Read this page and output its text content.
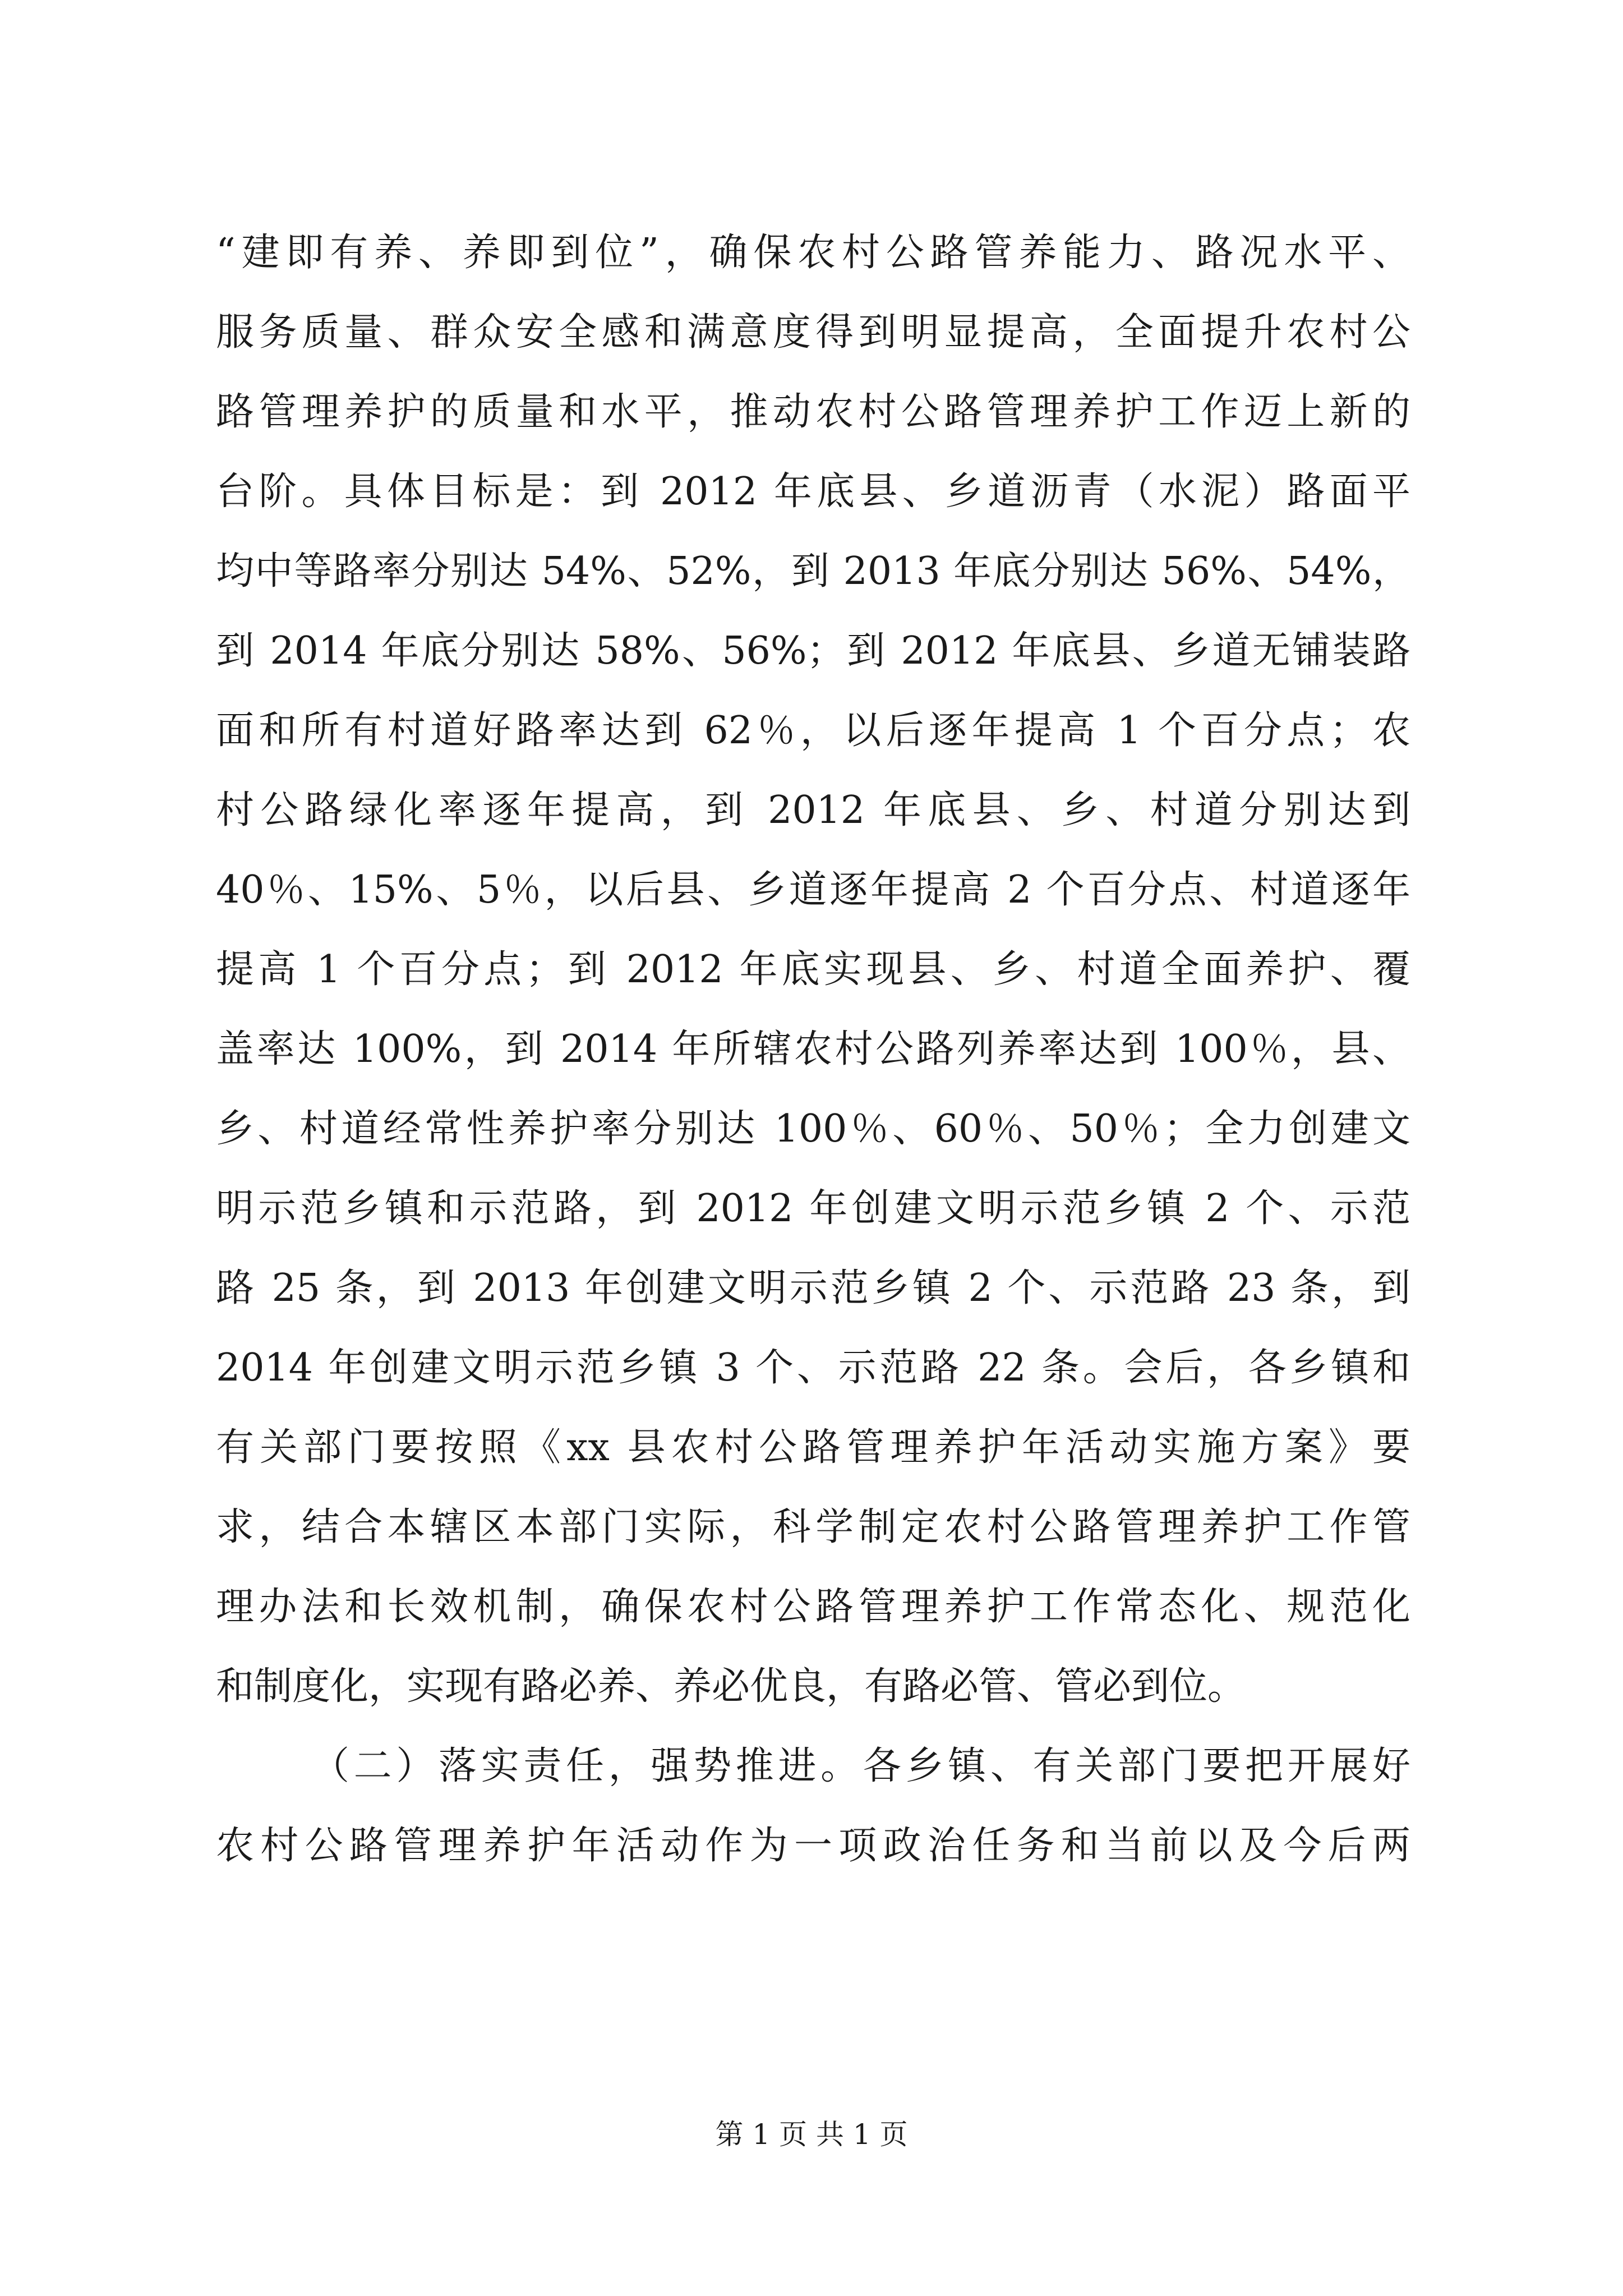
“建即有养、养即到位”，确保农村公路管养能力、路况水平、
服务质量、群众安全感和满意度得到明显提高，全面提升农村公
路管理养护的质量和水平，推动农村公路管理养护工作迈上新的
台阶。具体目标是：到 2012 年底县、乡道沥青（水泥）路面平
均中等路率分别达 54%、52%，到 2013 年底分别达 56%、54%，
到 2014 年底分别达 58%、56%；到 2012 年底县、乡道无铺装路
面和所有村道好路率达到 62％，以后逐年提高 1 个百分点；农
村公路绿化率逐年提高，到 2012 年底县、乡、村道分别达到
40％、15%、5％，以后县、乡道逐年提高 2 个百分点、村道逐年
提高 1 个百分点；到 2012 年底实现县、乡、村道全面养护、覆
盖率达 100%，到 2014 年所辖农村公路列养率达到 100％，县、
乡、村道经常性养护率分别达 100％、60％、50％；全力创建文
明示范乡镇和示范路，到 2012 年创建文明示范乡镇 2 个、示范
路 25 条，到 2013 年创建文明示范乡镇 2 个、示范路 23 条，到
2014 年创建文明示范乡镇 3 个、示范路 22 条。会后，各乡镇和
有关部门要按照《xx 县农村公路管理养护年活动实施方案》要
求，结合本辖区本部门实际，科学制定农村公路管理养护工作管
理办法和长效机制，确保农村公路管理养护工作常态化、规范化
和制度化，实现有路必养、养必优良，有路必管、管必到位。
（二）落实责任，强势推进。各乡镇、有关部门要把开展好
农村公路管理养护年活动作为一项政治任务和当前以及今后两
第 1 页 共 1 页
